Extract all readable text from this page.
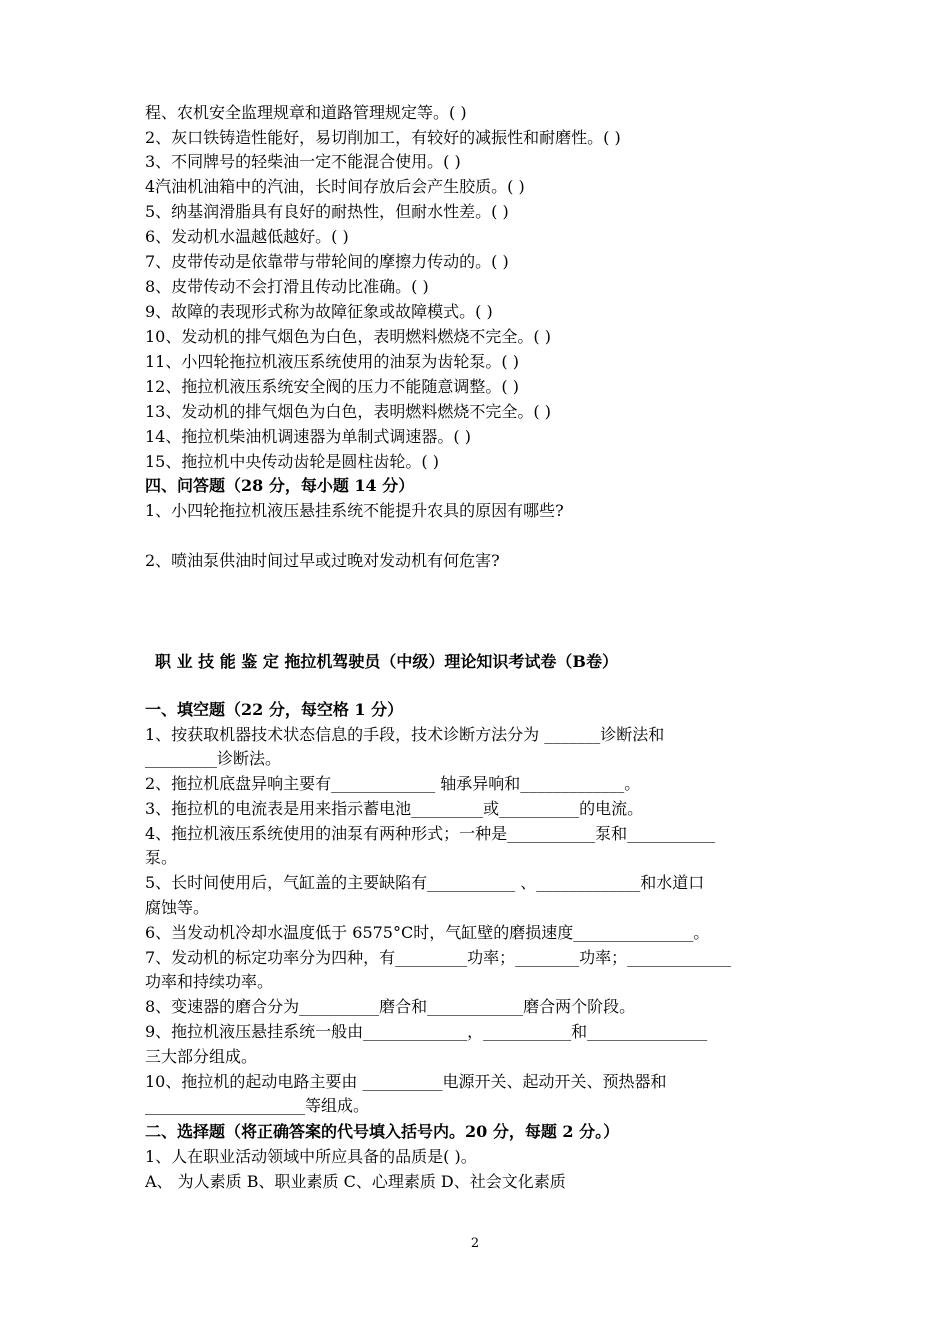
程、农机安全监理规章和道路管理规定等。( )
2、灰口铁铸造性能好，易切削加工，有较好的减振性和耐磨性。( )
3、不同牌号的轻柴油一定不能混合使用。( )
4汽油机油箱中的汽油，长时间存放后会产生胶质。( )
5、纳基润滑脂具有良好的耐热性，但耐水性差。( )
6、发动机水温越低越好。( )
7、皮带传动是依靠带与带轮间的摩擦力传动的。( )
8、皮带传动不会打滑且传动比准确。( )
9、故障的表现形式称为故障征象或故障模式。( )
10、发动机的排气烟色为白色，表明燃料燃烧不完全。( )
11、小四轮拖拉机液压系统使用的油泵为齿轮泵。( )
12、拖拉机液压系统安全阀的压力不能随意调整。( )
13、发动机的排气烟色为白色，表明燃料燃烧不完全。( )
14、拖拉机柴油机调速器为单制式调速器。( )
15、拖拉机中央传动齿轮是圆柱齿轮。( )
四、问答题（28 分，每小题 14 分）
1、小四轮拖拉机液压悬挂系统不能提升农具的原因有哪些?
2、喷油泵供油时间过早或过晚对发动机有何危害?
职 业 技 能 鉴 定 拖拉机驾驶员（中级）理论知识考试卷（B卷）
一、填空题（22 分，每空格 1 分）
1、按获取机器技术状态信息的手段，技术诊断方法分为 _______诊断法和
_________诊断法。
2、拖拉机底盘异响主要有_____________ 轴承异响和_____________。
3、拖拉机的电流表是用来指示蓄电池_________或__________的电流。
4、拖拉机液压系统使用的油泵有两种形式；一种是___________泵和___________
泵。
5、长时间使用后，气缸盖的主要缺陷有___________ 、_____________和水道口
腐蚀等。
6、当发动机冷却水温度低于 6575°C时，气缸壁的磨损速度_______________。
7、发动机的标定功率分为四种，有_________功率；________功率；_____________
功率和持续功率。
8、变速器的磨合分为__________磨合和____________磨合两个阶段。
9、拖拉机液压悬挂系统一般由_____________，___________和_______________
三大部分组成。
10、拖拉机的起动电路主要由 __________电源开关、起动开关、预热器和
____________________等组成。
二、选择题（将正确答案的代号填入括号内。20 分，每题 2 分。）
1、人在职业活动领域中所应具备的品质是( )。
A、 为人素质 B、职业素质 C、心理素质 D、社会文化素质
2
